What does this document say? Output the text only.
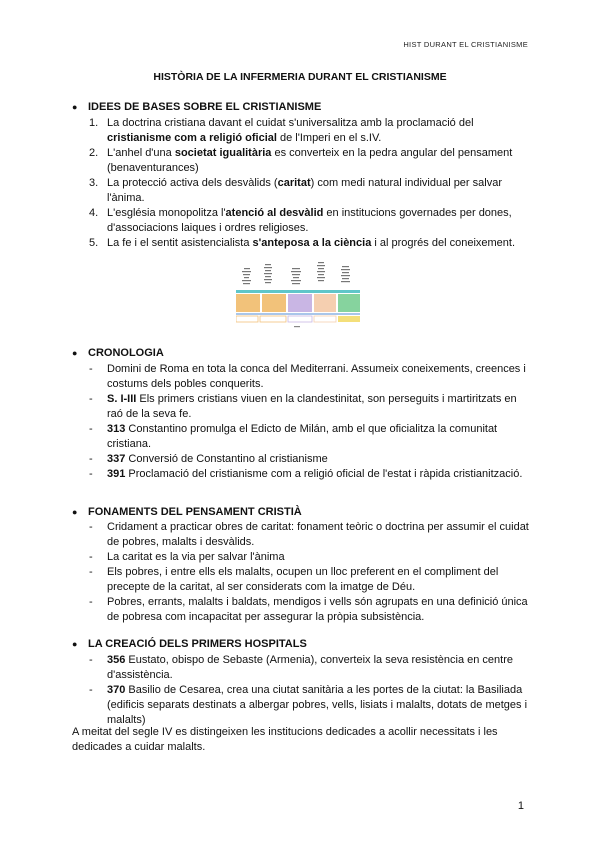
HIST DURANT EL CRISTIANISME
HISTÒRIA DE LA INFERMERIA DURANT EL CRISTIANISME
● IDEES DE BASES SOBRE EL CRISTIANISME
1. La doctrina cristiana davant el cuidat s'universalitza amb la proclamació del cristianisme com a religió oficial de l'Imperi en el s.IV.
2. L'anhel d'una societat igualitària es converteix en la pedra angular del pensament (benaventurances)
3. La protecció activa dels desvàlids (caritat) com medi natural individual per salvar l'ànima.
4. L'església monopolitza l'atenció al desvàlid en institucions governades per dones, d'associacions laiques i ordres religioses.
5. La fe i el sentit asistencialista s'anteposa a la ciència i al progrés del coneixement.
● CRONOLOGIA
- Domini de Roma en tota la conca del Mediterrani. Assumeix coneixements, creences i costums dels pobles conquerits.
- S. I-III Els primers cristians viuen en la clandestinitat, son perseguits i martiritzats en raó de la seva fe.
- 313 Constantino promulga el Edicto de Milán, amb el que oficialitza la comunitat cristiana.
- 337 Conversió de Constantino al cristianisme
- 391 Proclamació del cristianisme com a religió oficial de l'estat i ràpida cristianització.
● FONAMENTS DEL PENSAMENT CRISTIÀ
- Cridament a practicar obres de caritat: fonament teòric o doctrina per assumir el cuidat de pobres, malalts i desvàlids.
- La caritat es la via per salvar l'ànima
- Els pobres, i entre ells els malalts, ocupen un lloc preferent en el compliment del precepte de la caritat, al ser considerats com la imatge de Déu.
- Pobres, errants, malalts i baldats, mendigos i vells són agrupats en una definició única de pobresa com incapacitat per assegurar la pròpia subsistència.
● LA CREACIÓ DELS PRIMERS HOSPITALS
- 356 Eustato, obispo de Sebaste (Armenia), converteix la seva resistència en centre d'assistència.
- 370 Basilio de Cesarea, crea una ciutat sanitària a les portes de la ciutat: la Basiliada (edificis separats destinats a albergar pobres, vells, lisiats i malalts, dotats de metges i malalts)
A meitat del segle IV es distingeixen les institucions dedicades a acollir necessitats i les dedicades a cuidar malalts.
1
